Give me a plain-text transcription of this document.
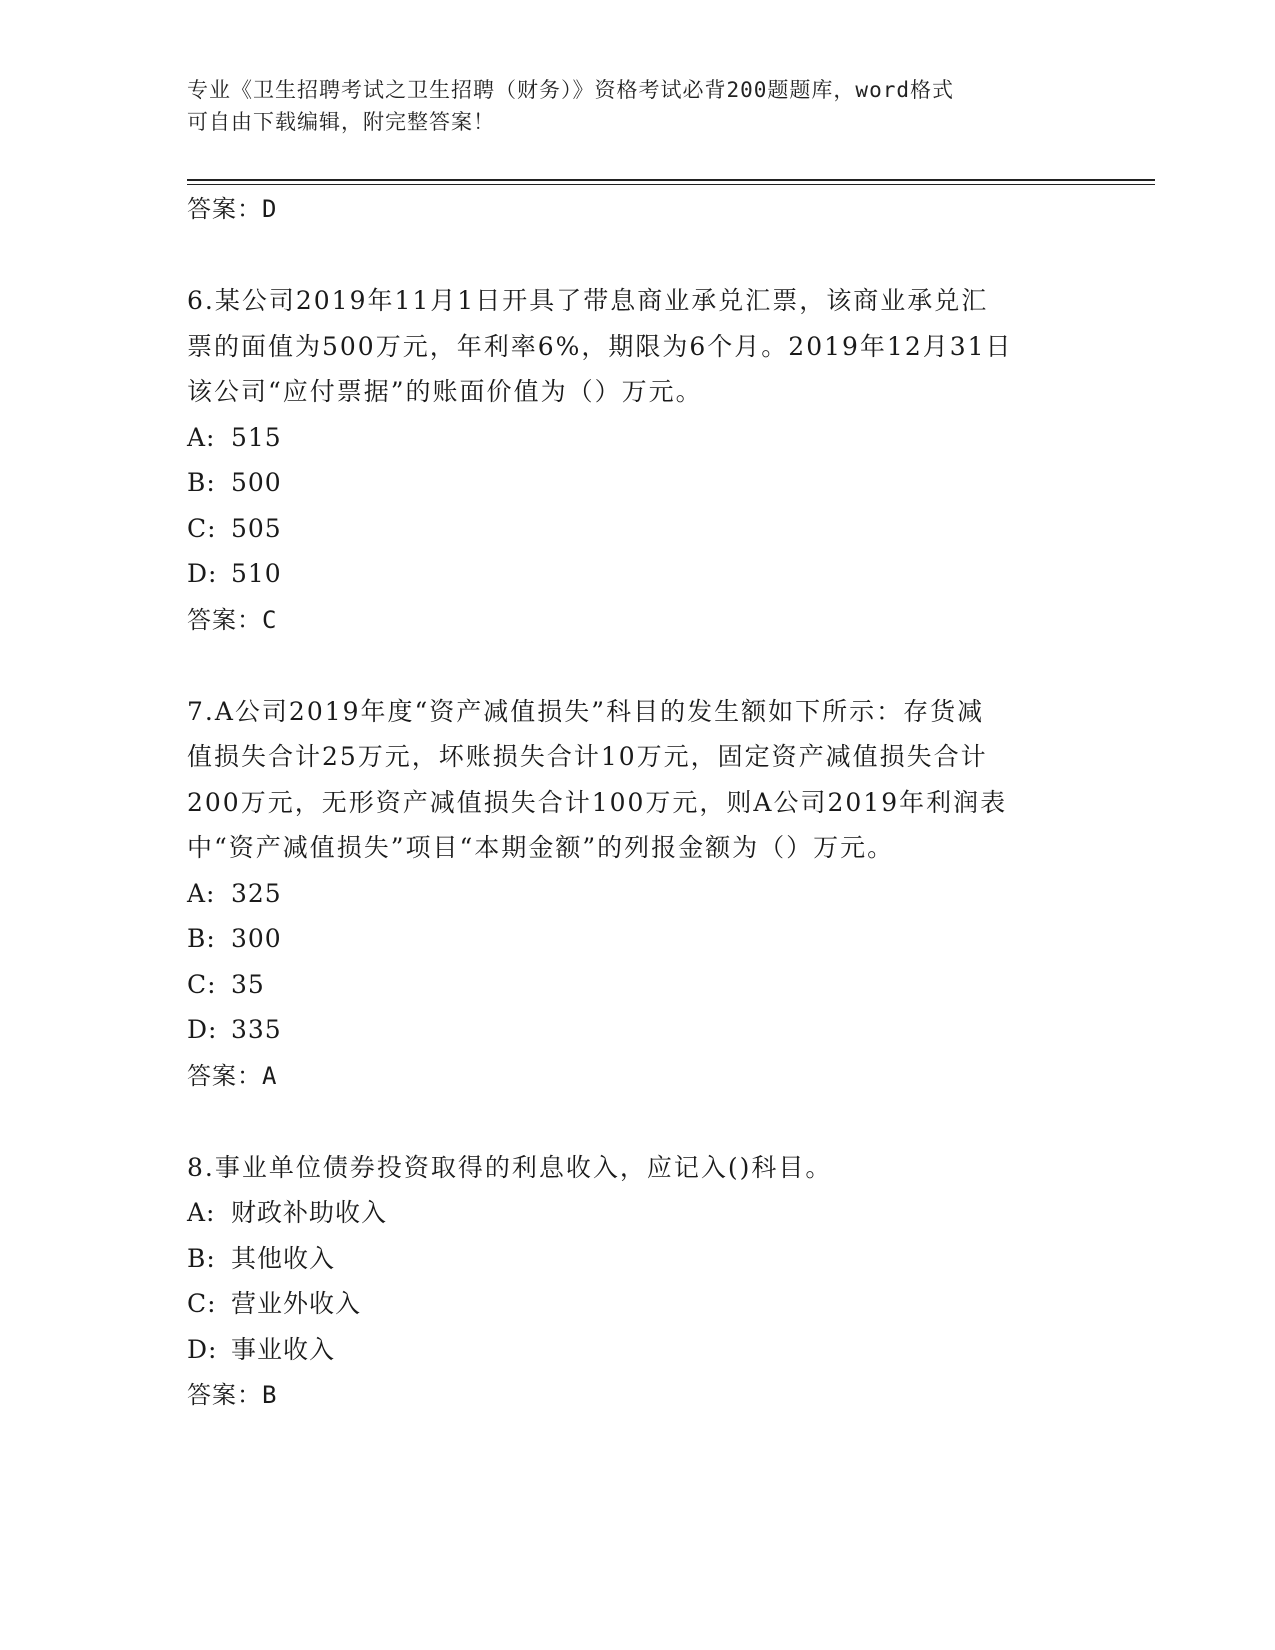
专业《卫生招聘考试之卫生招聘（财务）》资格考试必背200题题库，word格式
可自由下载编辑，附完整答案！
答案：D
6.某公司2019年11月1日开具了带息商业承兑汇票，该商业承兑汇
票的面值为500万元，年利率6%，期限为6个月。2019年12月31日
该公司“应付票据”的账面价值为（）万元。
A: 515
B: 500
C: 505
D: 510
答案：C
7.A公司2019年度“资产减值损失”科目的发生额如下所示：存货减
值损失合计25万元，坏账损失合计10万元，固定资产减值损失合计
200万元，无形资产减值损失合计100万元，则A公司2019年利润表
中“资产减值损失”项目“本期金额”的列报金额为（）万元。
A: 325
B: 300
C: 35
D: 335
答案：A
8.事业单位债券投资取得的利息收入，应记入()科目。
A: 财政补助收入
B: 其他收入
C: 营业外收入
D: 事业收入
答案：B
